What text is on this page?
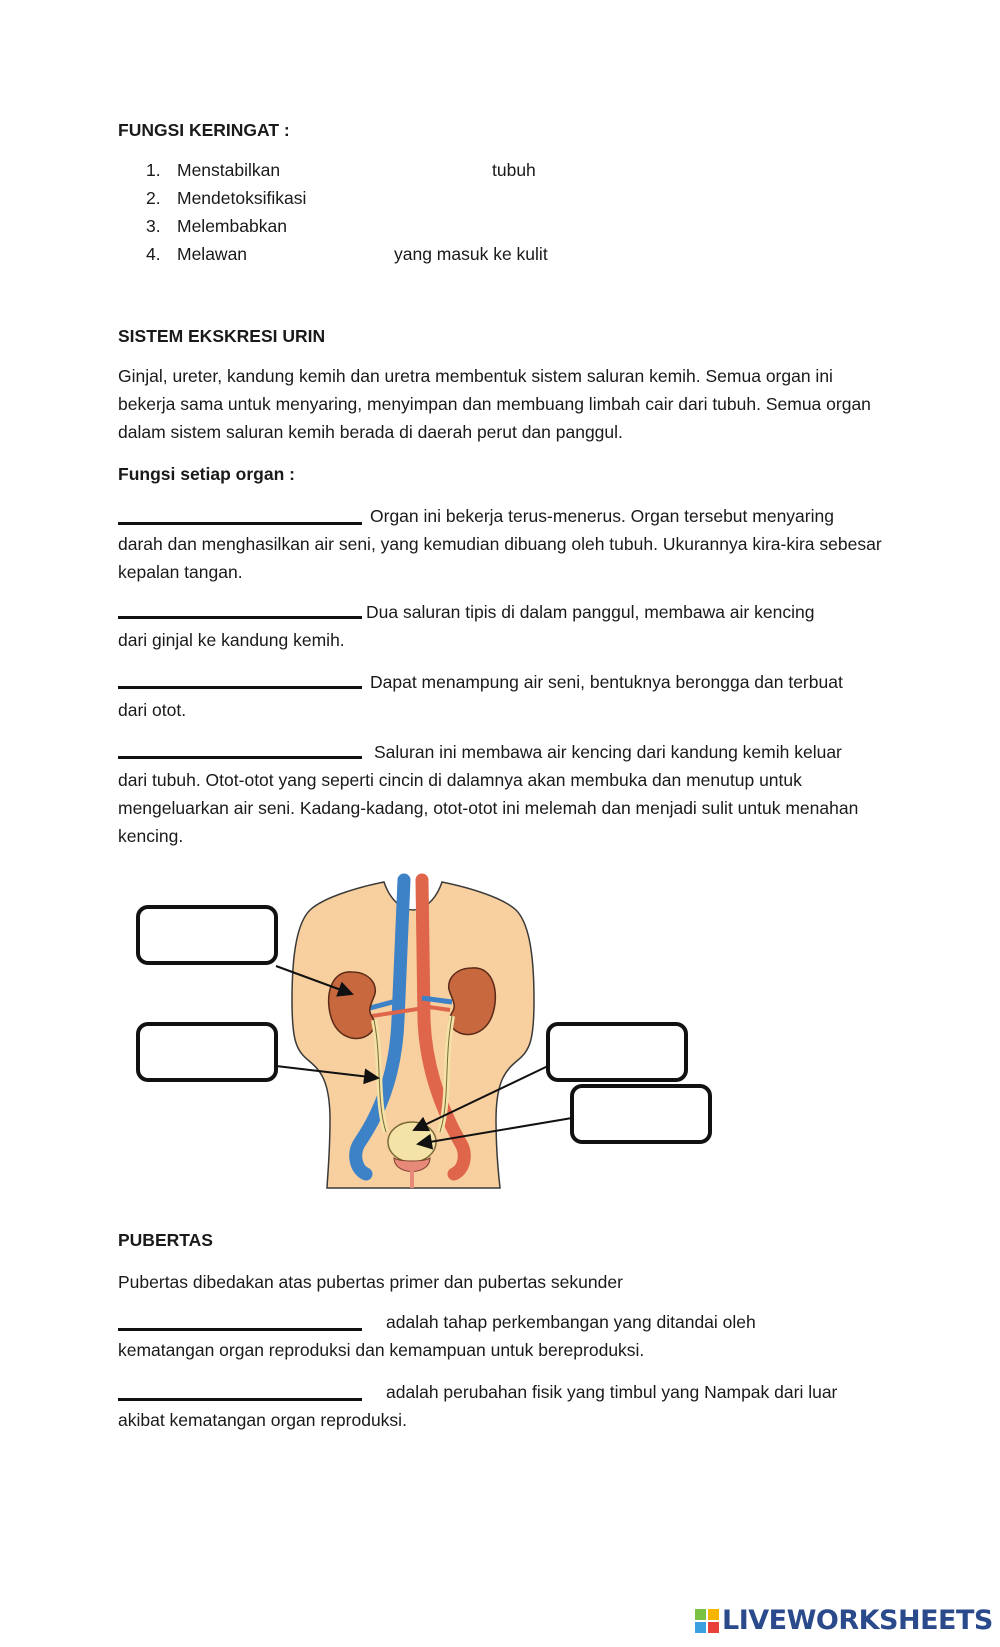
FUNGSI KERINGAT :
1. Menstabilkan	tubuh
2. Mendetoksifikasi
3. Melembabkan
4. Melawan	yang masuk ke kulit
SISTEM EKSKRESI URIN
Ginjal, ureter, kandung kemih dan uretra membentuk sistem saluran kemih. Semua organ ini bekerja sama untuk menyaring, menyimpan dan membuang limbah cair dari tubuh. Semua organ dalam sistem saluran kemih berada di daerah perut dan panggul.
Fungsi setiap organ :
Organ ini bekerja terus-menerus. Organ tersebut menyaring
darah dan menghasilkan air seni, yang kemudian dibuang oleh tubuh. Ukurannya kira-kira sebesar kepalan tangan.
Dua saluran tipis di dalam panggul, membawa air kencing
dari ginjal ke kandung kemih.
Dapat menampung air seni, bentuknya berongga dan terbuat
dari otot.
Saluran ini membawa air kencing dari kandung kemih keluar
dari tubuh. Otot-otot yang seperti cincin di dalamnya akan membuka dan menutup untuk mengeluarkan air seni. Kadang-kadang, otot-otot ini melemah dan menjadi sulit untuk menahan kencing.
PUBERTAS
Pubertas dibedakan atas pubertas primer dan pubertas sekunder
adalah tahap perkembangan yang ditandai oleh
kematangan organ reproduksi dan kemampuan untuk bereproduksi.
adalah perubahan fisik yang timbul yang Nampak dari luar
akibat kematangan organ reproduksi.
LIVEWORKSHEETS
